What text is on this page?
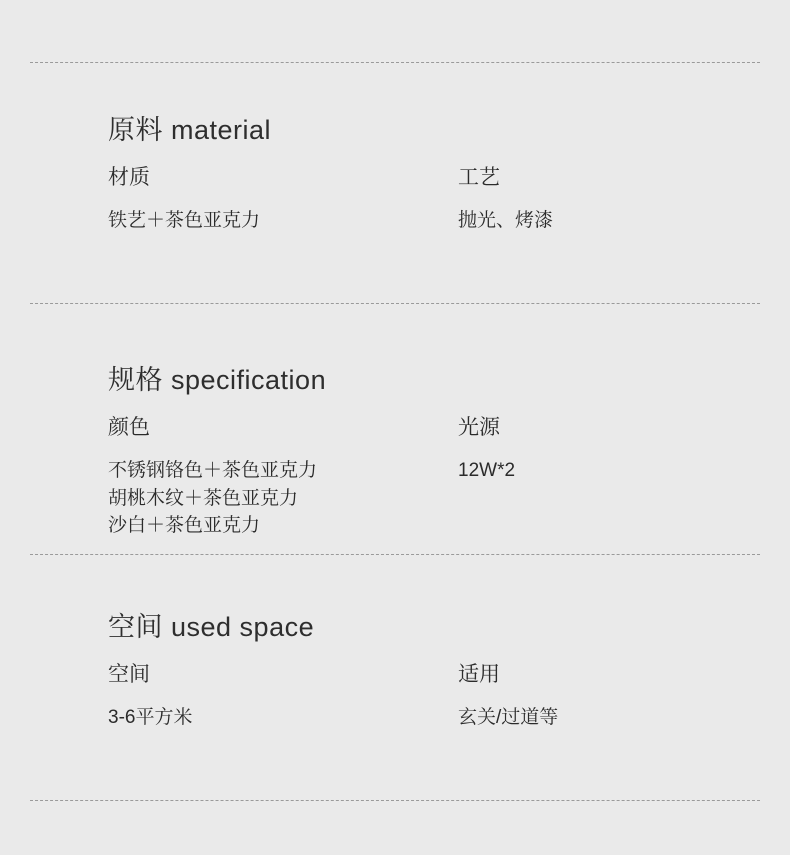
原料 material
材质
铁艺＋茶色亚克力
工艺
抛光、烤漆
规格 specification
颜色
不锈钢铬色＋茶色亚克力
胡桃木纹＋茶色亚克力
沙白＋茶色亚克力
光源
12W*2
空间 used space
空间
3-6平方米
适用
玄关/过道等
